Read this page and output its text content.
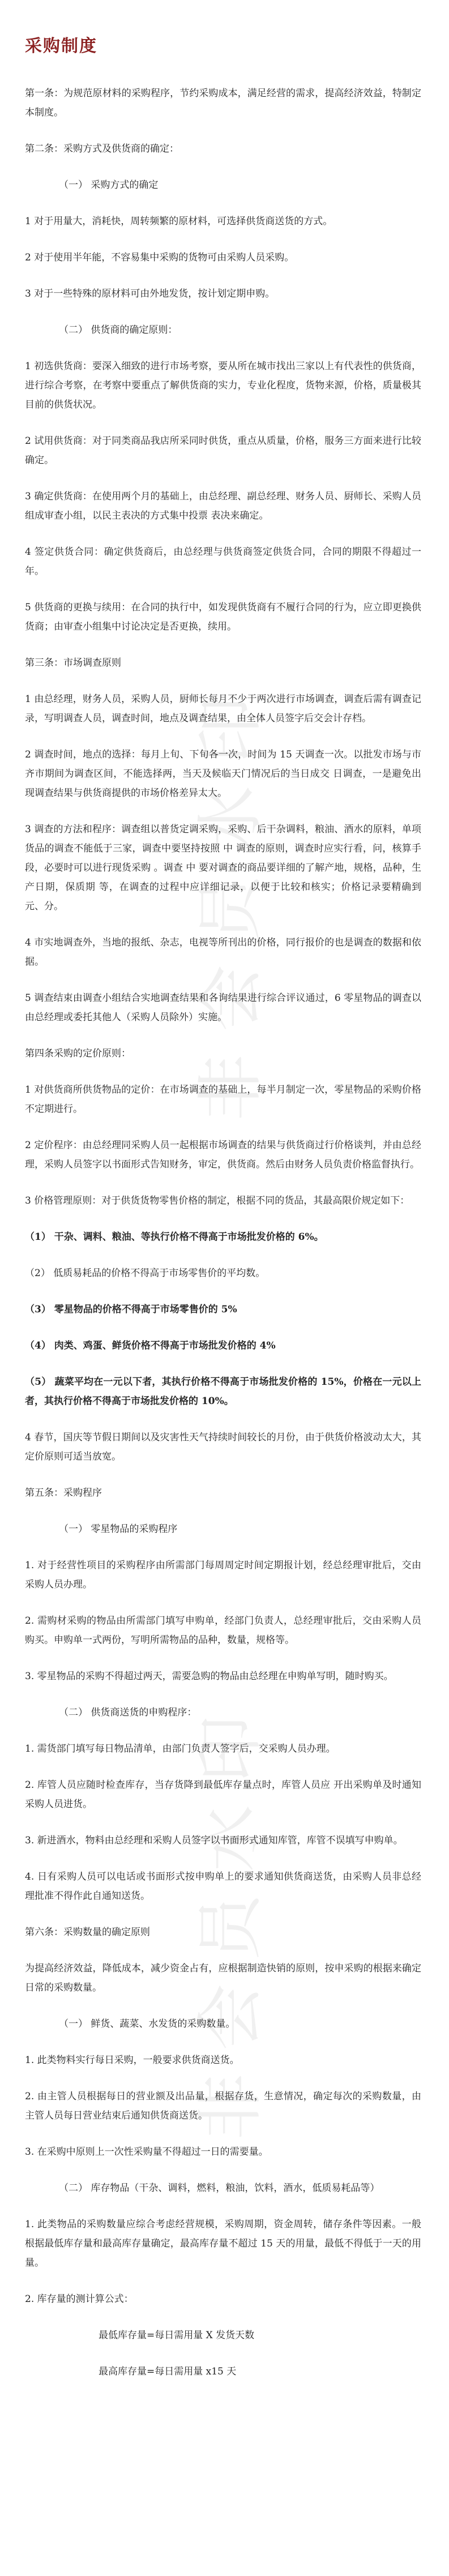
非会员水印
非会员水印
采购制度
第一条：为规范原材料的采购程序，节约采购成本，满足经营的需求，提高经济效益，特制定本制度。
第二条：采购方式及供货商的确定：
（一） 采购方式的确定
1 对于用量大，消耗快，周转频繁的原材料，可选择供货商送货的方式。
2 对于使用半年能，不容易集中采购的货物可由采购人员采购。
3 对于一些特殊的原材料可由外地发货，按计划定期申购。
（二） 供货商的确定原则：
1 初选供货商：要深入细致的进行市场考察，要从所在城市找出三家以上有代表性的供货商，进行综合考察，在考察中要重点了解供货商的实力，专业化程度，货物来源，价格，质量极其目前的供货状况。
2 试用供货商：对于同类商品我店所采同时供货，重点从质量，价格，服务三方面来进行比较确定。
3 确定供货商：在使用两个月的基础上，由总经理、副总经理、财务人员、厨师长、采购人员组成审查小组，以民主表决的方式集中投票 表决来确定。
4 签定供货合同：确定供货商后，由总经理与供货商签定供货合同，合同的期限不得超过一年。
5 供货商的更换与续用：在合同的执行中，如发现供货商有不履行合同的行为，应立即更换供货商；由审查小组集中讨论决定是否更换，续用。
第三条：市场调查原则
1 由总经理，财务人员，采购人员，厨师长每月不少于两次进行市场调查，调查后需有调查记录，写明调查人员，调查时间，地点及调查结果，由全体人员签字后交会计存档。
2 调查时间，地点的选择：每月上旬、下旬各一次，时间为 15 天调查一次。以批发市场与市齐市期间为调查区间，不能选择两，当天及候临天门情况后的当日成交 日调查，一是避免出现调查结果与供货商提供的市场价格差异太大。
3 调查的方法和程序：调查组以普货定调采购，采购、后干杂调料，粮油、酒水的原料，单项货品的调查不能低于三家，调查中要坚持按照 中 调查的原则，调查时应实行看，问，核算手段，必要时可以进行现货采购 。调查 中 要对调查的商品要详细的了解产地，规格，品种，生产日期，保质期 等，在调查的过程中应详细记录，以便于比较和核实；价格记录要精确到元、分。
4 市实地调查外，当地的报纸、杂志，电视等所刊出的价格，同行报价的也是调查的数据和依据。
5 调查结束由调查小组结合实地调查结果和各询结果进行综合评议通过，6 零星物品的调查以由总经理或委托其他人（采购人员除外）实施。
第四条采购的定价原则：
1 对供货商所供货物品的定价：在市场调查的基础上，每半月制定一次，零星物品的采购价格不定期进行。
2 定价程序：由总经理同采购人员一起根据市场调查的结果与供货商过行价格谈判，并由总经理，采购人员签字以书面形式告知财务，审定，供货商。然后由财务人员负责价格监督执行。
3 价格管理原则：对于供货货物零售价格的制定，根据不同的货品，其最高限价规定如下：
（1） 干杂、调料、粮油、等执行价格不得高于市场批发价格的 6%。
（2） 低质易耗品的价格不得高于市场零售价的平均数。
（3） 零星物品的价格不得高于市场零售价的 5%
（4） 肉类、鸡蛋、鲜货价格不得高于市场批发价格的 4%
（5） 蔬菜平均在一元以下者，其执行价格不得高于市场批发价格的 15%，价格在一元以上者，其执行价格不得高于市场批发价格的 10%。
4 春节，国庆等节假日期间以及灾害性天气持续时间较长的月份，由于供货价格波动太大，其定价原则可适当放宽。
第五条：采购程序
（一） 零星物品的采购程序
1. 对于经营性项目的采购程序由所需部门每周周定时间定期报计划，经总经理审批后，交由采购人员办理。
2. 需购材采购的物品由所需部门填写申购单，经部门负责人，总经理审批后，交由采购人员购买。申购单一式两份，写明所需物品的品种，数量，规格等。
3. 零星物品的采购不得超过两天，需要急购的物品由总经理在申购单写明，随时购买。
（二） 供货商送货的申购程序：
1. 需货部门填写每日物品清单，由部门负责人签字后，交采购人员办理。
2. 库管人员应随时检查库存，当存货降到最低库存量点时，库管人员应 开出采购单及时通知采购人员进货。
3. 新进酒水，物料由总经理和采购人员签字以书面形式通知库管，库管不误填写申购单。
4. 日有采购人员可以电话或书面形式按申购单上的要求通知供货商送货，由采购人员非总经理批准不得作此自通知送货。
第六条：采购数量的确定原则
为提高经济效益，降低成本，减少资金占有，应根据制造快销的原则，按申采购的根据来确定日常的采购数量。
（一） 鲜货、蔬菜、水发货的采购数量。
1. 此类物料实行每日采购，一般要求供货商送货。
2. 由主管人员根据每日的营业额及出品量，根据存货，生意情况，确定每次的采购数量，由主管人员每日营业结束后通知供货商送货。
3. 在采购中原则上一次性采购量不得超过一日的需要量。
（二） 库存物品（干杂、调料，燃料，粮油，饮料，酒水，低质易耗品等）
1. 此类物品的采购数量应综合考虑经营规模，采购周期，资金周转，储存条件等因素。一般根据最低库存量和最高库存量确定，最高库存量不超过 15 天的用量，最低不得低于一天的用量。
2. 库存量的测计算公式：
最低库存量=每日需用量 X 发货天数
最高库存量=每日需用量 x15 天
